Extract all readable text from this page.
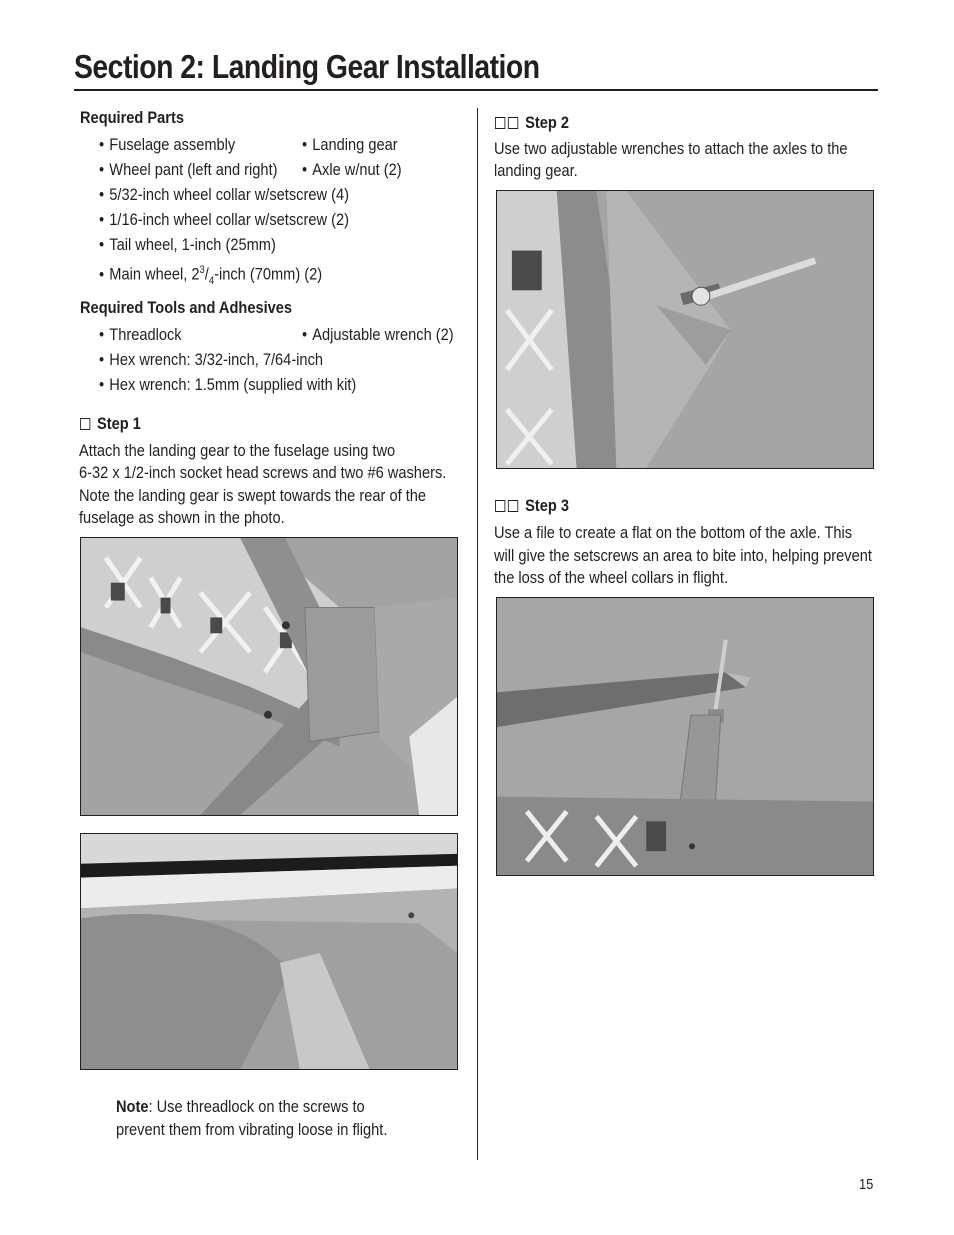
Section 2: Landing Gear Installation
Required Parts
• Fuselage assembly	• Landing gear
• Wheel pant (left and right)	• Axle w/nut (2)
• 5/32-inch wheel collar w/setscrew (4)
• 1/16-inch wheel collar w/setscrew (2)
• Tail wheel, 1-inch (25mm)
• Main wheel, $2^3/_4$-inch (70mm) (2)
Required Tools and Adhesives
• Threadlock	• Adjustable wrench (2)
• Hex wrench: 3/32-inch, 7/64-inch
• Hex wrench: 1.5mm (supplied with kit)
Step 1
Attach the landing gear to the fuselage using two
6-32 x 1/2-inch socket head screws and two #6 washers.
Note the landing gear is swept towards the rear of the
fuselage as shown in the photo.
Note: Use threadlock on the screws to
prevent them from vibrating loose in flight.
Step 2
Use two adjustable wrenches to attach the axles to the
landing gear.
Step 3
Use a file to create a flat on the bottom of the axle. This
will give the setscrews an area to bite into, helping prevent
the loss of the wheel collars in flight.
15
